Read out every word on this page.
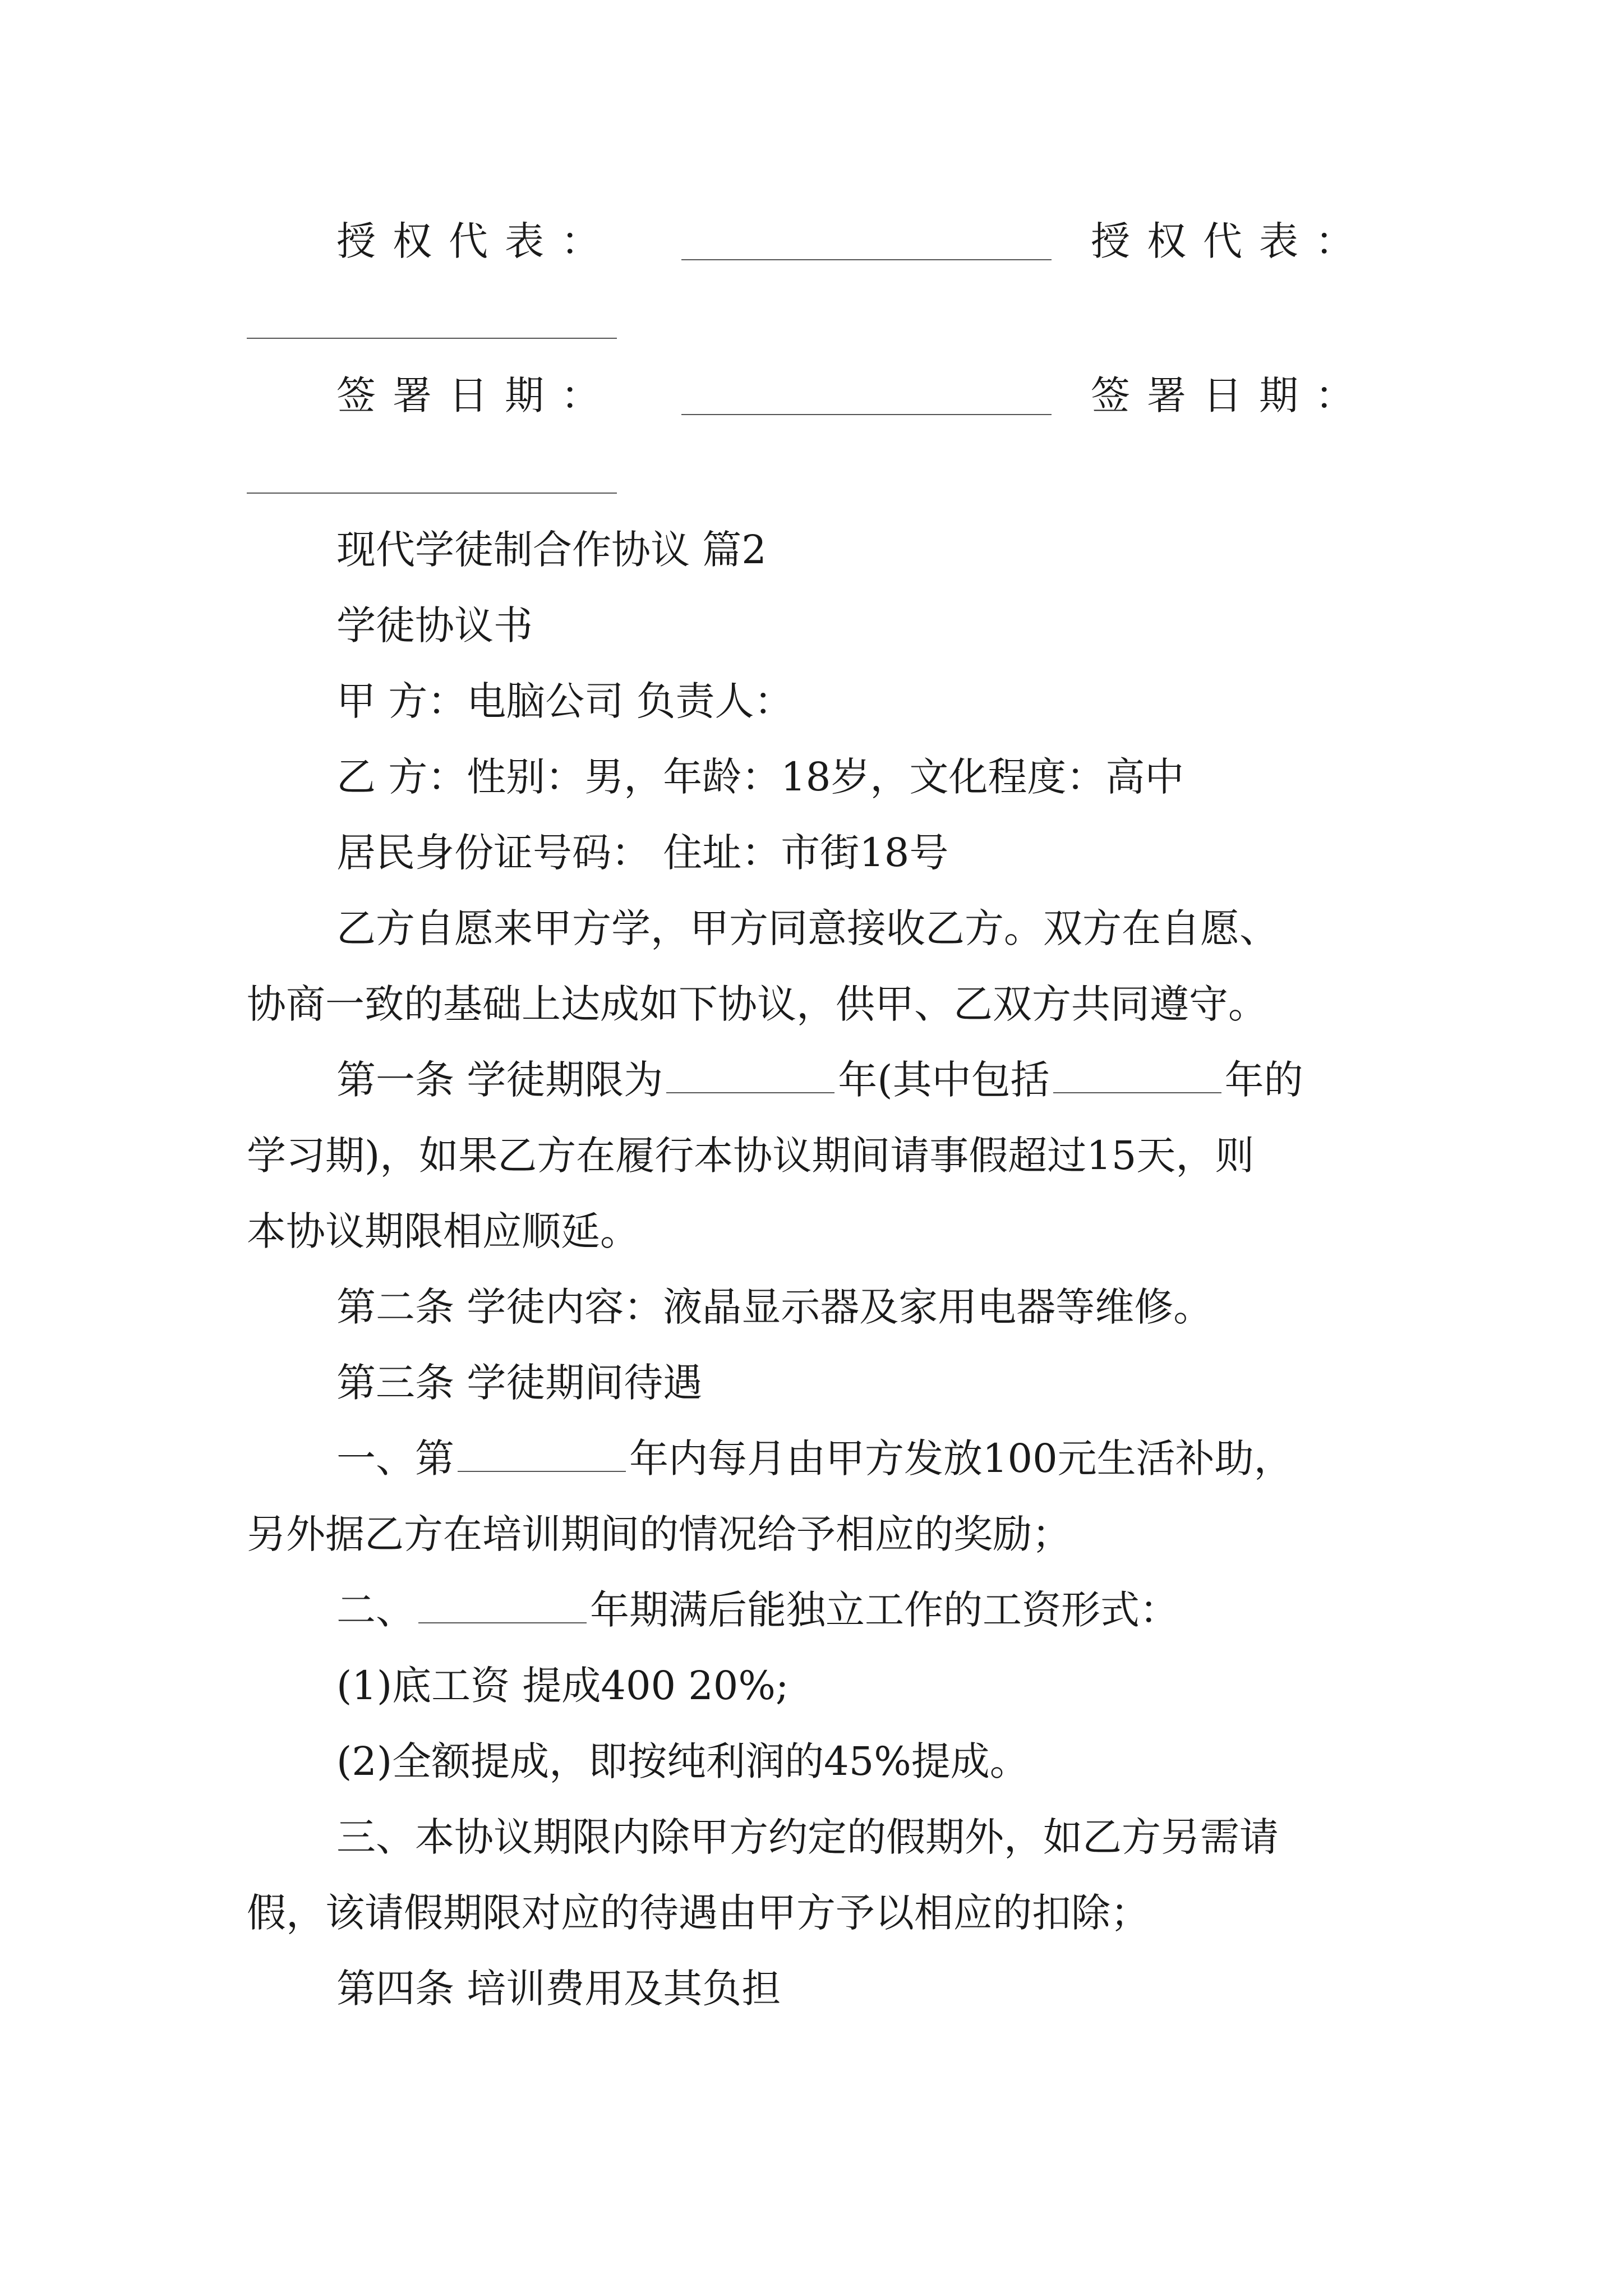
授权代表：	授权代表：
签署日期：	签署日期：
现代学徒制合作协议 篇2
学徒协议书
甲 方：电脑公司 负责人：
乙 方：性别：男，年龄：18岁，文化程度：高中
居民身份证号码： 住址：市街18号
乙方自愿来甲方学，甲方同意接收乙方。双方在自愿、
协商一致的基础上达成如下协议，供甲、乙双方共同遵守。
第一条 学徒期限为	年(其中包括	年的
学习期)，如果乙方在履行本协议期间请事假超过15天，则
本协议期限相应顺延。
第二条 学徒内容：液晶显示器及家用电器等维修。
第三条 学徒期间待遇
一、第	年内每月由甲方发放100元生活补助，
另外据乙方在培训期间的情况给予相应的奖励；
二、	年期满后能独立工作的工资形式：
(1)底工资 提成400 20%;
(2)全额提成，即按纯利润的45%提成。
三、本协议期限内除甲方约定的假期外，如乙方另需请
假，该请假期限对应的待遇由甲方予以相应的扣除；
第四条 培训费用及其负担
